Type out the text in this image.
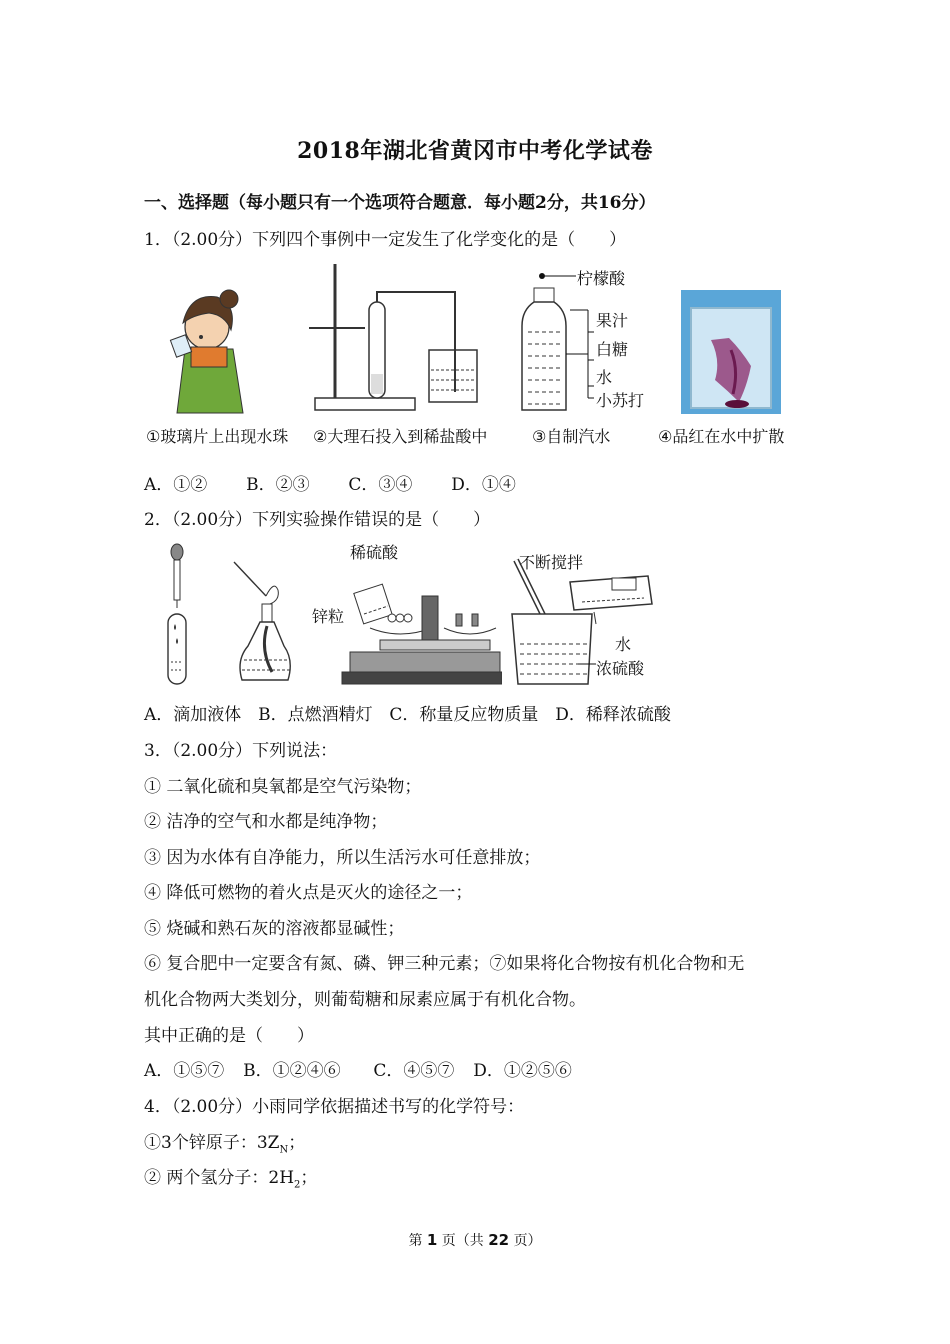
2018年湖北省黄冈市中考化学试卷
一、选择题（每小题只有一个选项符合题意．每小题2分，共16分）
1．（2.00分）下列四个事例中一定发生了化学变化的是（　　）
柠檬酸
果汁
白糖
水
小苏打
①玻璃片上出现水珠 ②大理石投入到稀盐酸中	③自制汽水	④品红在水中扩散
A．①② B．②③ C．③④ D．①④
2．（2.00分）下列实验操作错误的是（　　）
稀硫酸
锌粒
不断搅拌
水
浓硫酸
A．滴加液体 B．点燃酒精灯 C．称量反应物质量 D．稀释浓硫酸
3．（2.00分）下列说法：
① 二氧化硫和臭氧都是空气污染物；
② 洁净的空气和水都是纯净物；
③ 因为水体有自净能力，所以生活污水可任意排放；
④ 降低可燃物的着火点是灭火的途径之一；
⑤ 烧碱和熟石灰的溶液都显碱性；
⑥ 复合肥中一定要含有氮、磷、钾三种元素；⑦如果将化合物按有机化合物和无
机化合物两大类划分，则葡萄糖和尿素应属于有机化合物。
其中正确的是（　　）
A．①⑤⑦ B．①②④⑥ C．④⑤⑦ D．①②⑤⑥
4．（2.00分）小雨同学依据描述书写的化学符号：
①3个锌原子：$3Z_N$；
② 两个氢分子：$2H_2$；
第 1 页（共 22 页）
